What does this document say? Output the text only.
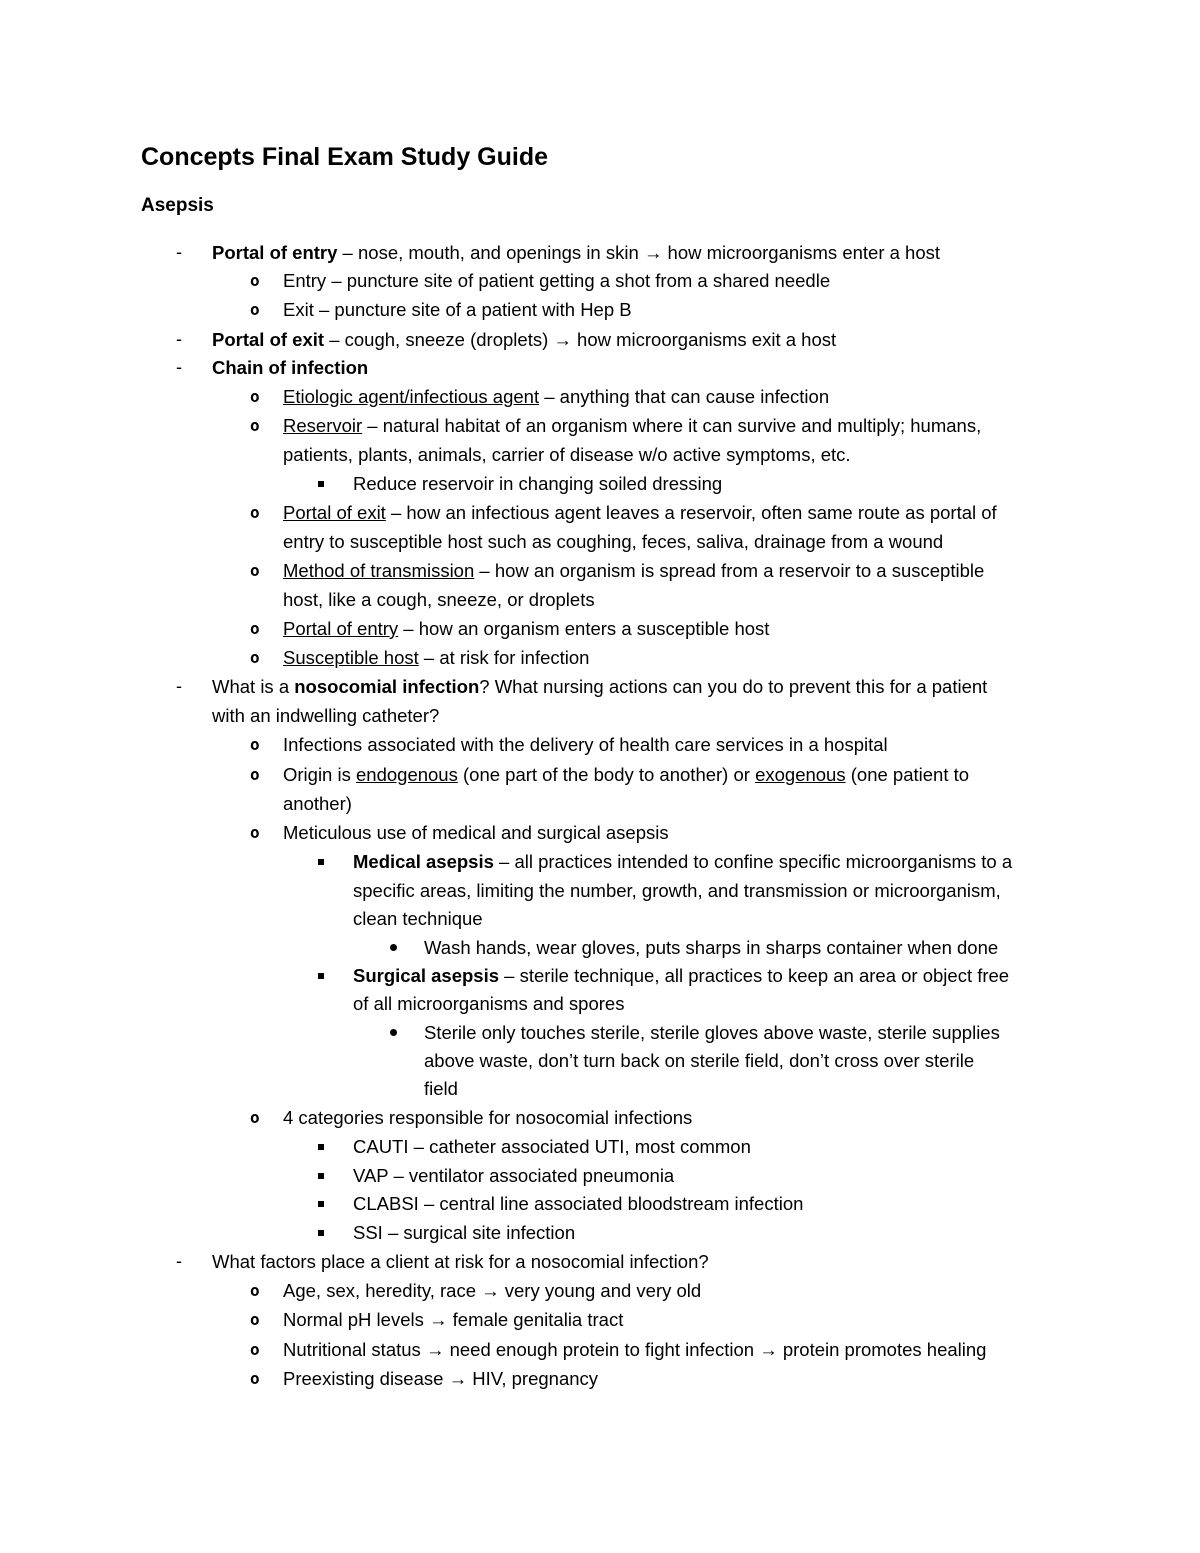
Concepts Final Exam Study Guide
Asepsis
-	Portal of entry – nose, mouth, and openings in skin → how microorganisms enter a host
o Entry – puncture site of patient getting a shot from a shared needle
o Exit – puncture site of a patient with Hep B
-	Portal of exit – cough, sneeze (droplets) → how microorganisms exit a host
-	Chain of infection
o Etiologic agent/infectious agent – anything that can cause infection
o Reservoir – natural habitat of an organism where it can survive and multiply; humans,
patients, plants, animals, carrier of disease w/o active symptoms, etc.
Reduce reservoir in changing soiled dressing
o Portal of exit – how an infectious agent leaves a reservoir, often same route as portal of
entry to susceptible host such as coughing, feces, saliva, drainage from a wound
o Method of transmission – how an organism is spread from a reservoir to a susceptible
host, like a cough, sneeze, or droplets
o Portal of entry – how an organism enters a susceptible host
o Susceptible host – at risk for infection
-	What is a nosocomial infection? What nursing actions can you do to prevent this for a patient
with an indwelling catheter?
o Infections associated with the delivery of health care services in a hospital
o Origin is endogenous (one part of the body to another) or exogenous (one patient to
another)
o Meticulous use of medical and surgical asepsis
Medical asepsis – all practices intended to confine specific microorganisms to a
specific areas, limiting the number, growth, and transmission or microorganism,
clean technique
Wash hands, wear gloves, puts sharps in sharps container when done
Surgical asepsis – sterile technique, all practices to keep an area or object free
of all microorganisms and spores
Sterile only touches sterile, sterile gloves above waste, sterile supplies
above waste, don’t turn back on sterile field, don’t cross over sterile
field
o 4 categories responsible for nosocomial infections
CAUTI – catheter associated UTI, most common
VAP – ventilator associated pneumonia
CLABSI – central line associated bloodstream infection
SSI – surgical site infection
-	What factors place a client at risk for a nosocomial infection?
o Age, sex, heredity, race → very young and very old
o Normal pH levels → female genitalia tract
o Nutritional status → need enough protein to fight infection → protein promotes healing
o Preexisting disease → HIV, pregnancy
